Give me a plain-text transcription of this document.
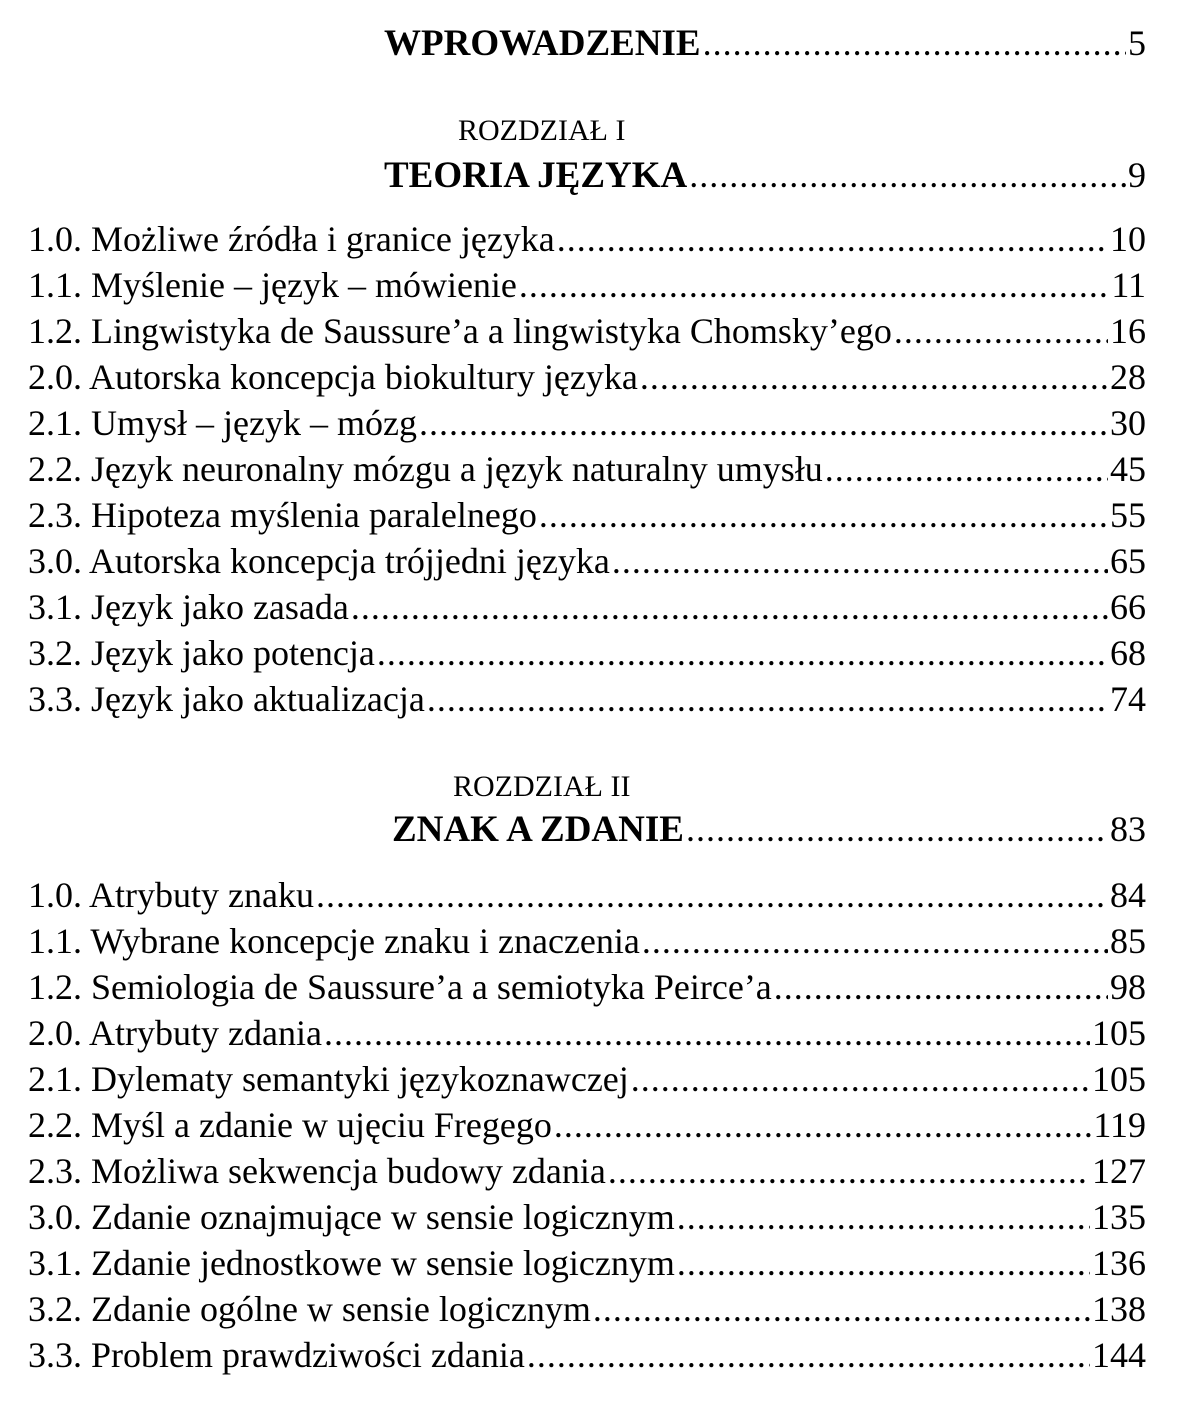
WPROWADZENIE .....	5
ROZDZIAŁ I
TEORIA JĘZYKA .....	9
1.0. Możliwe źródła i granice języka .....	10
1.1. Myślenie – język – mówienie .....	11
1.2. Lingwistyka de Saussure’a a lingwistyka Chomsky’ego .....	16
2.0. Autorska koncepcja biokultury języka .....	28
2.1. Umysł – język – mózg .....	30
2.2. Język neuronalny mózgu a język naturalny umysłu .....	45
2.3. Hipoteza myślenia paralelnego .....	55
3.0. Autorska koncepcja trójjedni języka .....	65
3.1. Język jako zasada .....	66
3.2. Język jako potencja .....	68
3.3. Język jako aktualizacja .....	74
ROZDZIAŁ II
ZNAK A ZDANIE .....	83
1.0. Atrybuty znaku .....	84
1.1. Wybrane koncepcje znaku i znaczenia .....	85
1.2. Semiologia de Saussure’a a semiotyka Peirce’a .....	98
2.0. Atrybuty zdania .....	105
2.1. Dylematy semantyki językoznawczej .....	105
2.2. Myśl a zdanie w ujęciu Fregego .....	119
2.3. Możliwa sekwencja budowy zdania .....	127
3.0. Zdanie oznajmujące w sensie logicznym .....	135
3.1. Zdanie jednostkowe w sensie logicznym .....	136
3.2. Zdanie ogólne w sensie logicznym .....	138
3.3. Problem prawdziwości zdania .....	144
